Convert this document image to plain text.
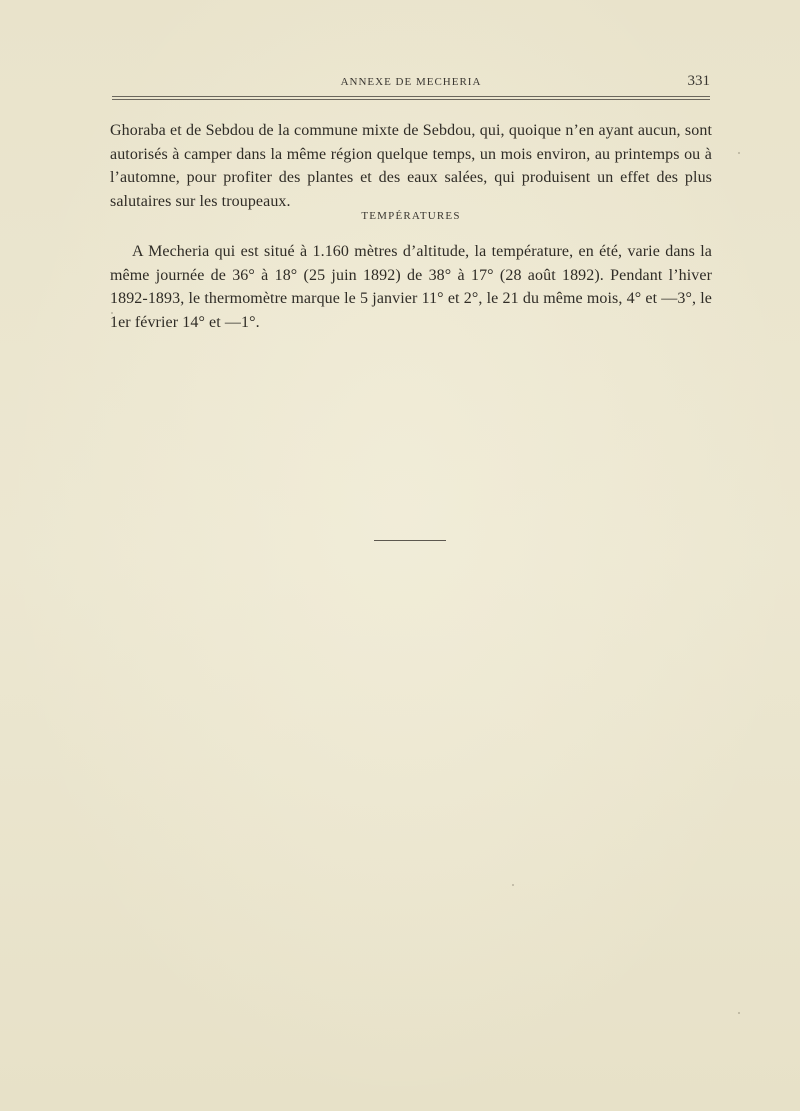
ANNEXE DE MECHERIA	331

Ghoraba et de Sebdou de la commune mixte de Sebdou, qui, quoique n’en ayant aucun, sont autorisés à camper dans la même région quelque temps, un mois environ, au printemps ou à l’automne, pour profiter des plantes et des eaux salées, qui produisent un effet des plus salutaires sur les troupeaux.

TEMPÉRATURES

A Mecheria qui est situé à 1.160 mètres d’altitude, la température, en été, varie dans la même journée de 36° à 18° (25 juin 1892) de 38° à 17° (28 août 1892). Pendant l’hiver 1892-1893, le thermomètre marque le 5 janvier 11° et 2°, le 21 du même mois, 4° et —3°, le 1er février 14° et —1°.
